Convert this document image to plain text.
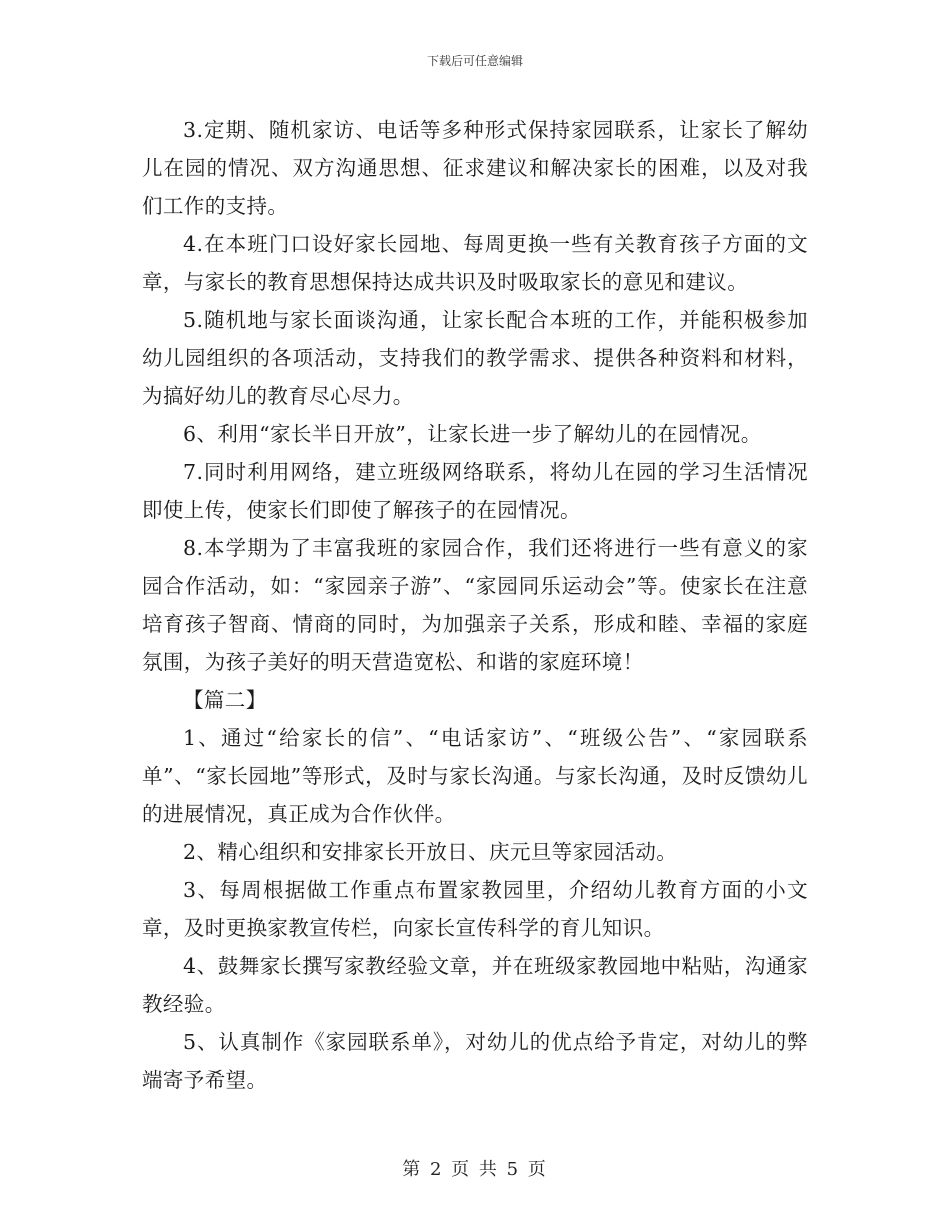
下载后可任意编辑

3.定期、随机家访、电话等多种形式保持家园联系，让家长了解幼儿在园的情况、双方沟通思想、征求建议和解决家长的困难，以及对我们工作的支持。

4.在本班门口设好家长园地、每周更换一些有关教育孩子方面的文章，与家长的教育思想保持达成共识及时吸取家长的意见和建议。

5.随机地与家长面谈沟通，让家长配合本班的工作，并能积极参加幼儿园组织的各项活动，支持我们的教学需求、提供各种资料和材料，为搞好幼儿的教育尽心尽力。

6、利用“家长半日开放”，让家长进一步了解幼儿的在园情况。

7.同时利用网络，建立班级网络联系，将幼儿在园的学习生活情况即使上传，使家长们即使了解孩子的在园情况。

8.本学期为了丰富我班的家园合作，我们还将进行一些有意义的家园合作活动，如：“家园亲子游”、“家园同乐运动会”等。使家长在注意培育孩子智商、情商的同时，为加强亲子关系，形成和睦、幸福的家庭氛围，为孩子美好的明天营造宽松、和谐的家庭环境！

【篇二】

1、通过“给家长的信”、“电话家访”、“班级公告”、“家园联系单”、“家长园地”等形式，及时与家长沟通。与家长沟通，及时反馈幼儿的进展情况，真正成为合作伙伴。

2、精心组织和安排家长开放日、庆元旦等家园活动。

3、每周根据做工作重点布置家教园里，介绍幼儿教育方面的小文章，及时更换家教宣传栏，向家长宣传科学的育儿知识。

4、鼓舞家长撰写家教经验文章，并在班级家教园地中粘贴，沟通家教经验。

5、认真制作《家园联系单》，对幼儿的优点给予肯定，对幼儿的弊端寄予希望。

第 2 页 共 5 页
